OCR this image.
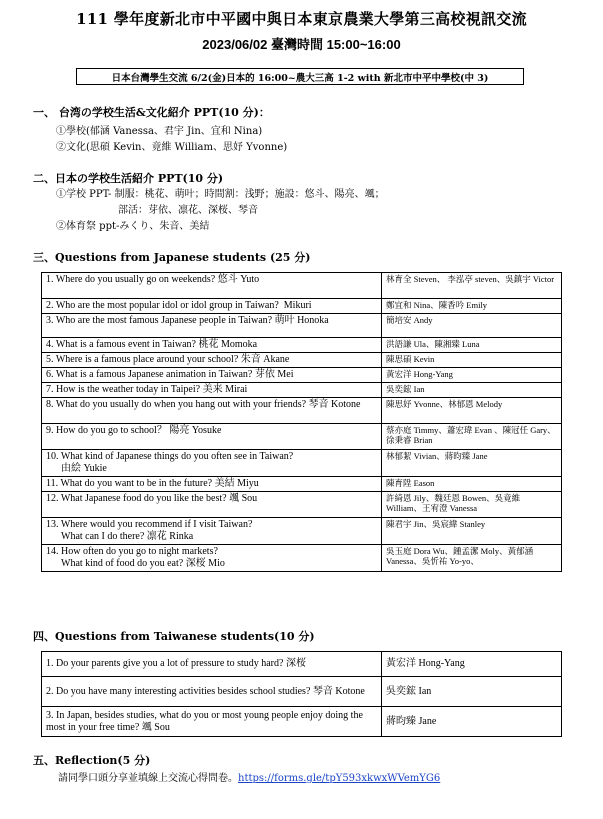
111 學年度新北市中平國中與日本東京農業大學第三高校視訊交流
2023/06/02 臺灣時間 15:00~16:00
日本台灣學生交流 6/2(金)日本的 16:00~農大三高 1-2 with 新北市中平中學校(中 3)
一、 台湾の学校生活&文化紹介 PPT(10 分)：
①學校(郁涵 Vanessa、君宇 Jin、宜和 Nina)
②文化(思碩 Kevin、竟維 William、思妤 Yvonne)
二、日本の学校生活紹介 PPT(10 分)
①学校 PPT- 制服：桃花、萌叶；時間割：浅野；施設：悠斗、陽亮、颯；
部活：芽依、凛花、深桜、琴音
②体育祭 ppt-みくり、朱音、美結
三、Questions from Japanese students (25 分)
1. Where do you usually go on weekends? 悠斗 Yuto	林育全 Steven、 李泓亭 steven、吳鎮宇 Victor
2. Who are the most popular idol or idol group in Taiwan?  Mikuri	鄭宜和 Nina、陳香吟 Emily
3. Who are the most famous Japanese people in Taiwan? 萌叶 Honoka	簡培安 Andy
4. What is a famous event in Taiwan? 桃花 Momoka	洪語謙 Ula、陳湘臻 Luna
5. Where is a famous place around your school? 朱音 Akane	陳思碩 Kevin
6. What is a famous Japanese animation in Taiwan? 芽依 Mei	黃宏洋 Hong-Yang
7. How is the weather today in Taipei? 美来 Mirai	吳奕鋐 Ian
8. What do you usually do when you hang out with your friends? 琴音 Kotone	陳思妤 Yvonne、林郁恩 Melody
9. How do you go to school？ 陽亮 Yosuke	蔡亦庭 Timmy、蕭宏瑋 Evan 、陳冠任 Gary、徐秉睿 Brian
10. What kind of Japanese things do you often see in Taiwan?
由絵 Yukie	林郁絜 Vivian、蔣昀臻 Jane
11. What do you want to be in the future? 美結 Miyu	陳育陞 Eason
12. What Japanese food do you like the best? 颯 Sou	許綺恩 Jily、魏廷恩 Bowen、吳竟維 William、王宥澄 Vanessa
13. Where would you recommend if I visit Taiwan?
What can I do there? 凛花 Rinka	陳君宇 Jin、吳宸緯 Stanley
14. How often do you go to night markets?
What kind of food do you eat? 深桜 Mio	吳玉庭 Dora Wu、鍾孟潔 Moly、黃郁涵 Vanessa、吳忻祐 Yo-yo、
四、Questions from Taiwanese students(10 分)
1. Do your parents give you a lot of pressure to study hard? 深桜	黃宏洋 Hong-Yang
2. Do you have many interesting activities besides school studies? 琴音 Kotone	吳奕鋐 Ian
3. In Japan, besides studies, what do you or most young people enjoy doing the most in your free time? 颯 Sou	蔣昀臻 Jane
五、Reflection(5 分)
請同學口頭分享並填線上交流心得問卷。https://forms.gle/tpY593xkwxWVemYG6
